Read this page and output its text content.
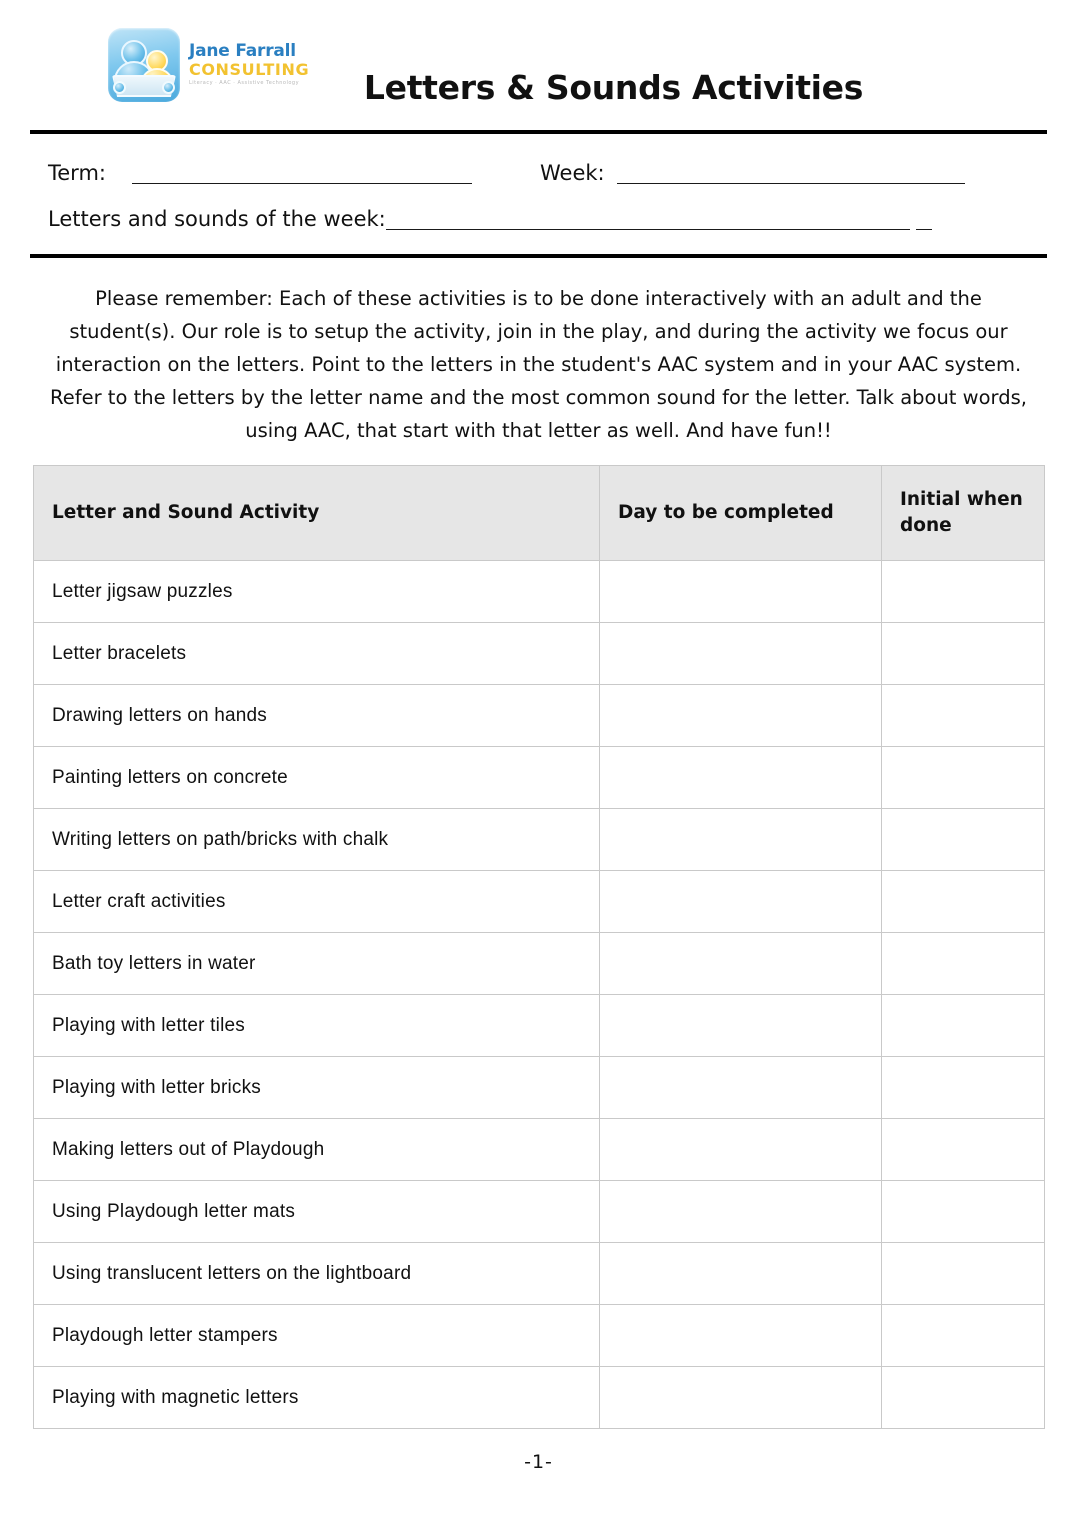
Jane Farrall
CONSULTING
Literacy · AAC · Assistive Technology	Letters & Sounds Activities
Term:	Week:
Letters and sounds of the week:
Please remember: Each of these activities is to be done interactively with an adult and the student(s). Our role is to setup the activity, join in the play, and during the activity we focus our interaction on the letters. Point to the letters in the student's AAC system and in your AAC system. Refer to the letters by the letter name and the most common sound for the letter. Talk about words, using AAC, that start with that letter as well. And have fun!!
Letter and Sound Activity	Day to be completed	Initial when done
Letter jigsaw puzzles		
Letter bracelets		
Drawing letters on hands		
Painting letters on concrete		
Writing letters on path/bricks with chalk		
Letter craft activities		
Bath toy letters in water		
Playing with letter tiles		
Playing with letter bricks		
Making letters out of Playdough		
Using Playdough letter mats		
Using translucent letters on the lightboard		
Playdough letter stampers		
Playing with magnetic letters		
-1-
